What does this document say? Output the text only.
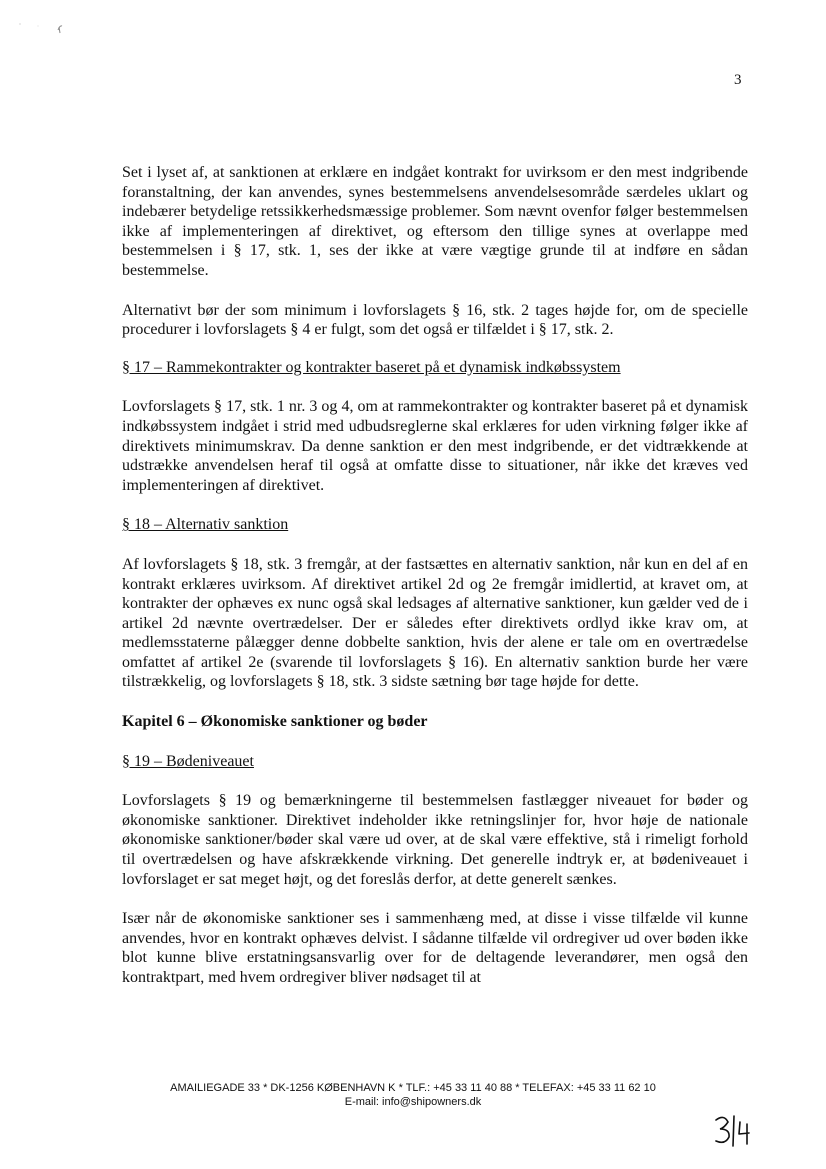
3

Set i lyset af, at sanktionen at erklære en indgået kontrakt for uvirksom er den mest indgribende foranstaltning, der kan anvendes, synes bestemmelsens anvendelsesområde særdeles uklart og indebærer betydelige retssikkerhedsmæssige problemer. Som nævnt ovenfor følger bestemmelsen ikke af implementeringen af direktivet, og eftersom den tillige synes at overlappe med bestemmelsen i § 17, stk. 1, ses der ikke at være vægtige grunde til at indføre en sådan bestemmelse.

Alternativt bør der som minimum i lovforslagets § 16, stk. 2 tages højde for, om de specielle procedurer i lovforslagets § 4 er fulgt, som det også er tilfældet i § 17, stk. 2.

§ 17 – Rammekontrakter og kontrakter baseret på et dynamisk indkøbssystem

Lovforslagets § 17, stk. 1 nr. 3 og 4, om at rammekontrakter og kontrakter baseret på et dynamisk indkøbssystem indgået i strid med udbudsreglerne skal erklæres for uden virkning følger ikke af direktivets minimumskrav. Da denne sanktion er den mest indgribende, er det vidtrækkende at udstrække anvendelsen heraf til også at omfatte disse to situationer, når ikke det kræves ved implementeringen af direktivet.

§ 18 – Alternativ sanktion

Af lovforslagets § 18, stk. 3 fremgår, at der fastsættes en alternativ sanktion, når kun en del af en kontrakt erklæres uvirksom. Af direktivet artikel 2d og 2e fremgår imidlertid, at kravet om, at kontrakter der ophæves ex nunc også skal ledsages af alternative sanktioner, kun gælder ved de i artikel 2d nævnte overtrædelser. Der er således efter direktivets ordlyd ikke krav om, at medlemsstaterne pålægger denne dobbelte sanktion, hvis der alene er tale om en overtrædelse omfattet af artikel 2e (svarende til lovforslagets § 16). En alternativ sanktion burde her være tilstrækkelig, og lovforslagets § 18, stk. 3 sidste sætning bør tage højde for dette.

Kapitel 6 – Økonomiske sanktioner og bøder

§ 19 – Bødeniveauet

Lovforslagets § 19 og bemærkningerne til bestemmelsen fastlægger niveauet for bøder og økonomiske sanktioner. Direktivet indeholder ikke retningslinjer for, hvor høje de nationale økonomiske sanktioner/bøder skal være ud over, at de skal være effektive, stå i rimeligt forhold til overtrædelsen og have afskrækkende virkning. Det generelle indtryk er, at bødeniveauet i lovforslaget er sat meget højt, og det foreslås derfor, at dette generelt sænkes.

Især når de økonomiske sanktioner ses i sammenhæng med, at disse i visse tilfælde vil kunne anvendes, hvor en kontrakt ophæves delvist. I sådanne tilfælde vil ordregiver ud over bøden ikke blot kunne blive erstatningsansvarlig over for de deltagende leverandører, men også den kontraktpart, med hvem ordregiver bliver nødsaget til at

AMAILIEGADE 33 * DK-1256 KØBENHAVN K * TLF.: +45 33 11 40 88 * TELEFAX: +45 33 11 62 10
E-mail: info@shipowners.dk
